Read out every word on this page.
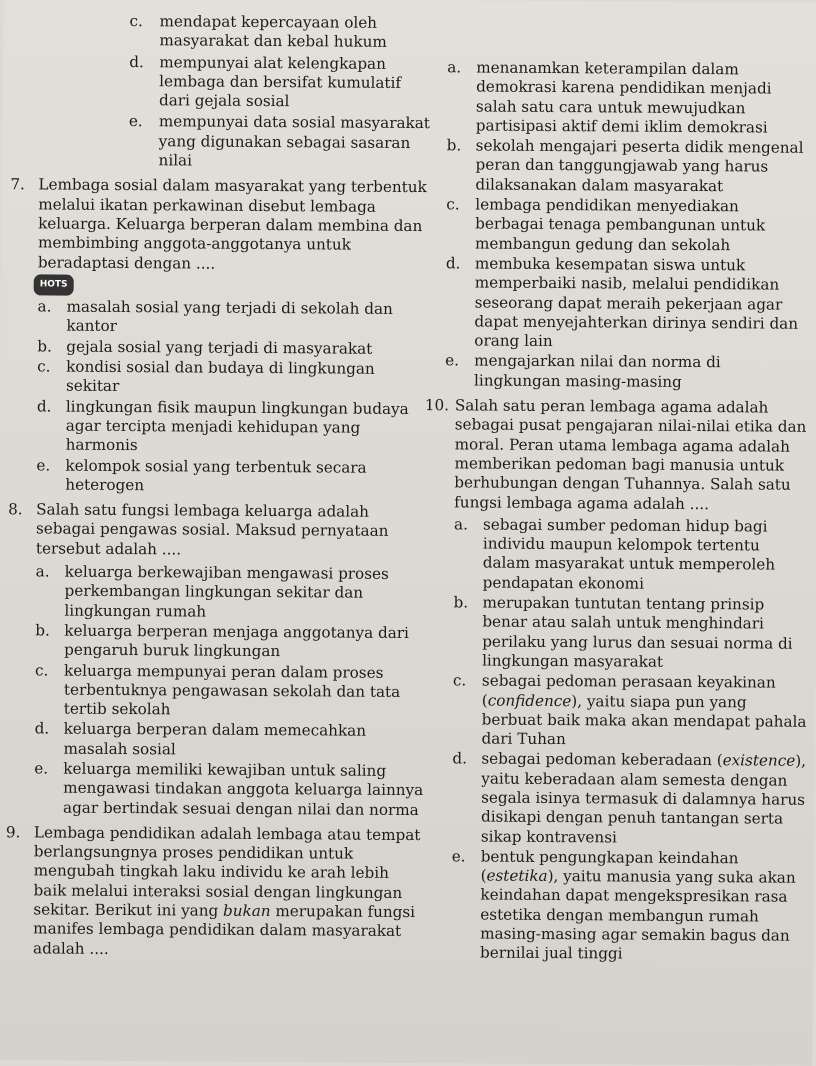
c. mendapat kepercayaan oleh masyarakat dan kebal hukum
d. mempunyai alat kelengkapan lembaga dan bersifat kumulatif dari gejala sosial
e. mempunyai data sosial masyarakat yang digunakan sebagai sasaran nilai
7. Lembaga sosial dalam masyarakat yang terbentuk melalui ikatan perkawinan disebut lembaga keluarga. Keluarga berperan dalam membina dan membimbing anggota-anggotanya untuk beradaptasi dengan ....
HOTS
a. masalah sosial yang terjadi di sekolah dan kantor
b. gejala sosial yang terjadi di masyarakat
c. kondisi sosial dan budaya di lingkungan sekitar
d. lingkungan fisik maupun lingkungan budaya agar tercipta menjadi kehidupan yang harmonis
e. kelompok sosial yang terbentuk secara heterogen
8. Salah satu fungsi lembaga keluarga adalah sebagai pengawas sosial. Maksud pernyataan tersebut adalah ....
a. keluarga berkewajiban mengawasi proses perkembangan lingkungan sekitar dan lingkungan rumah
b. keluarga berperan menjaga anggotanya dari pengaruh buruk lingkungan
c. keluarga mempunyai peran dalam proses terbentuknya pengawasan sekolah dan tata tertib sekolah
d. keluarga berperan dalam memecahkan masalah sosial
e. keluarga memiliki kewajiban untuk saling mengawasi tindakan anggota keluarga lainnya agar bertindak sesuai dengan nilai dan norma
9. Lembaga pendidikan adalah lembaga atau tempat berlangsungnya proses pendidikan untuk mengubah tingkah laku individu ke arah lebih baik melalui interaksi sosial dengan lingkungan sekitar. Berikut ini yang bukan merupakan fungsi manifes lembaga pendidikan dalam masyarakat adalah ....
a. menanamkan keterampilan dalam demokrasi karena pendidikan menjadi salah satu cara untuk mewujudkan partisipasi aktif demi iklim demokrasi
b. sekolah mengajari peserta didik mengenal peran dan tanggungjawab yang harus dilaksanakan dalam masyarakat
c. lembaga pendidikan menyediakan berbagai tenaga pembangunan untuk membangun gedung dan sekolah
d. membuka kesempatan siswa untuk memperbaiki nasib, melalui pendidikan seseorang dapat meraih pekerjaan agar dapat menyejahterkan dirinya sendiri dan orang lain
e. mengajarkan nilai dan norma di lingkungan masing-masing
10. Salah satu peran lembaga agama adalah sebagai pusat pengajaran nilai-nilai etika dan moral. Peran utama lembaga agama adalah memberikan pedoman bagi manusia untuk berhubungan dengan Tuhannya. Salah satu fungsi lembaga agama adalah ....
a. sebagai sumber pedoman hidup bagi individu maupun kelompok tertentu dalam masyarakat untuk memperoleh pendapatan ekonomi
b. merupakan tuntutan tentang prinsip benar atau salah untuk menghindari perilaku yang lurus dan sesuai norma di lingkungan masyarakat
c. sebagai pedoman perasaan keyakinan (confidence), yaitu siapa pun yang berbuat baik maka akan mendapat pahala dari Tuhan
d. sebagai pedoman keberadaan (existence), yaitu keberadaan alam semesta dengan segala isinya termasuk di dalamnya harus disikapi dengan penuh tantangan serta sikap kontravensi
e. bentuk pengungkapan keindahan (estetika), yaitu manusia yang suka akan keindahan dapat mengekspresikan rasa estetika dengan membangun rumah masing-masing agar semakin bagus dan bernilai jual tinggi
